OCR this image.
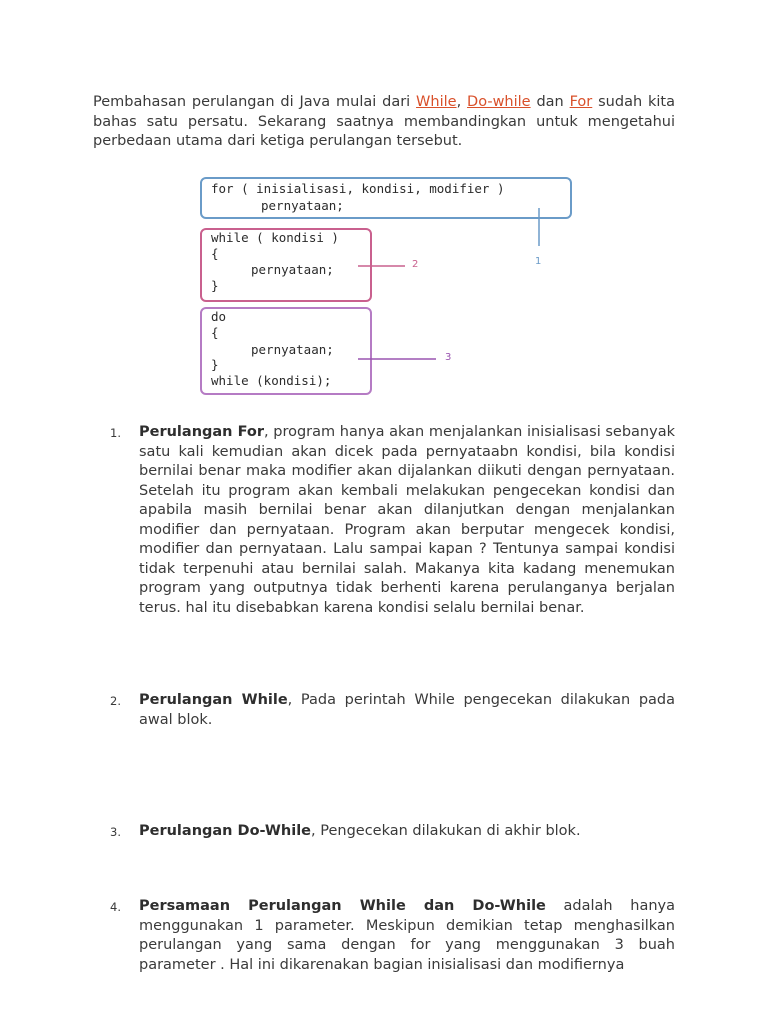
Pembahasan perulangan di Java mulai dari While, Do-while dan For sudah kita bahas satu persatu. Sekarang saatnya membandingkan untuk mengetahui perbedaan utama dari ketiga perulangan tersebut.

for ( inisialisasi, kondisi, modifier )
pernyataan;
while ( kondisi )
{
pernyataan;
}
do
{
pernyataan;
}
while (kondisi);
1
2
3
1.	Perulangan For, program hanya akan menjalankan inisialisasi sebanyak satu kali kemudian akan dicek pada pernyataabn kondisi, bila kondisi bernilai benar maka modifier akan dijalankan diikuti dengan pernyataan. Setelah itu program akan kembali melakukan pengecekan kondisi dan apabila masih bernilai benar akan dilanjutkan dengan menjalankan modifier dan pernyataan. Program akan berputar mengecek kondisi, modifier dan pernyataan. Lalu sampai kapan ? Tentunya sampai kondisi tidak terpenuhi atau bernilai salah. Makanya kita kadang menemukan program yang outputnya tidak berhenti karena perulanganya berjalan terus. hal itu disebabkan karena kondisi selalu bernilai benar.

2.	Perulangan While, Pada perintah While pengecekan dilakukan pada awal blok.

3.	Perulangan Do-While, Pengecekan dilakukan di akhir blok.

4.	Persamaan Perulangan While dan Do-While adalah hanya menggunakan 1 parameter. Meskipun demikian tetap menghasilkan perulangan yang sama dengan for yang menggunakan 3 buah parameter . Hal ini dikarenakan bagian inisialisasi dan modifiernya
